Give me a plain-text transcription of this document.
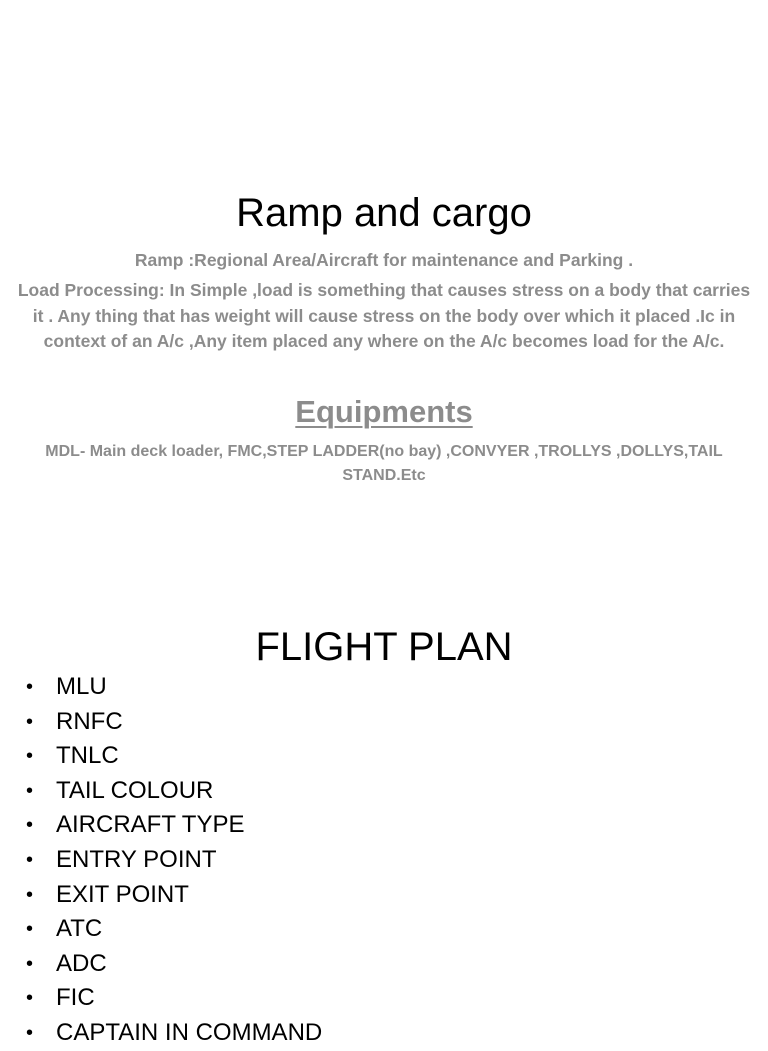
Ramp and cargo
Ramp :Regional Area/Aircraft for maintenance and Parking .
Load Processing: In Simple ,load is something that causes stress on a body that carries it . Any thing that has weight will cause stress on the body over which it placed .Ic in context of an A/c ,Any item placed any where on the A/c becomes load for the A/c.
Equipments
MDL- Main deck loader, FMC,STEP LADDER(no bay) ,CONVYER ,TROLLYS ,DOLLYS,TAIL STAND.Etc
FLIGHT PLAN
• MLU
• RNFC
• TNLC
• TAIL COLOUR
• AIRCRAFT TYPE
• ENTRY POINT
• EXIT POINT
• ATC
• ADC
• FIC
• CAPTAIN IN COMMAND
